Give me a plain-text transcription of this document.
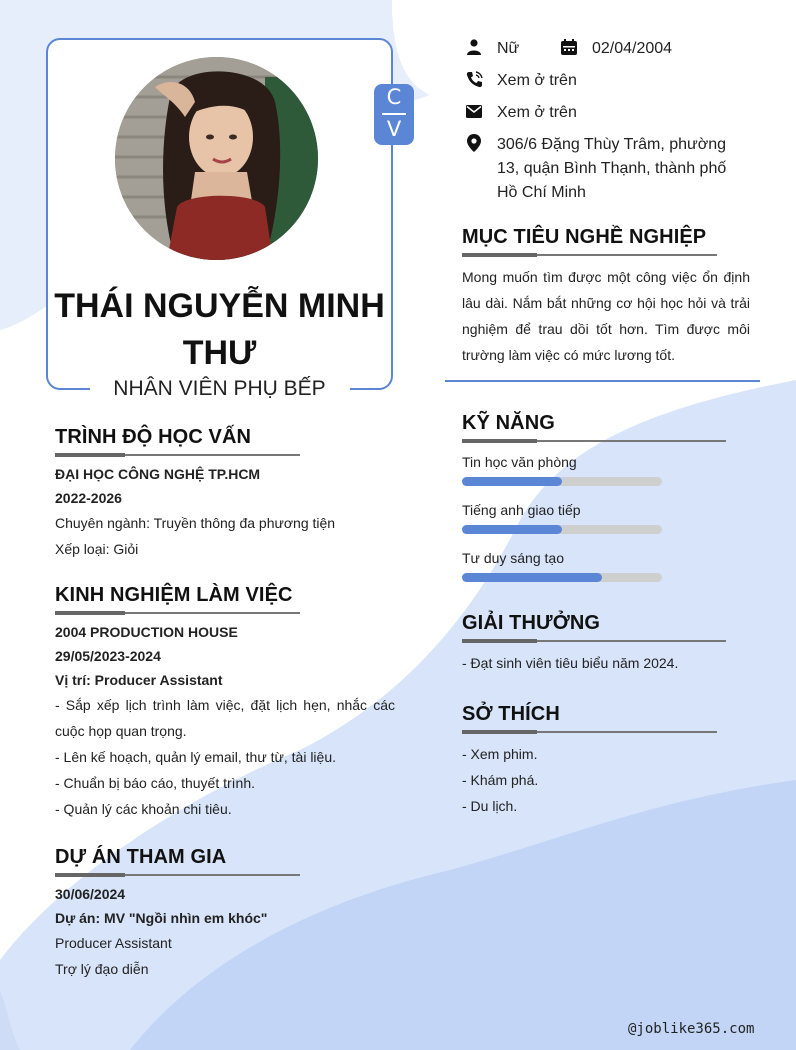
C
V
THÁI NGUYỄN MINH THƯ
NHÂN VIÊN PHỤ BẾP
Nữ	02/04/2004
Xem ở trên
Xem ở trên
306/6 Đặng Thùy Trâm, phường 13, quận Bình Thạnh, thành phố Hồ Chí Minh
MỤC TIÊU NGHỀ NGHIỆP
Mong muốn tìm được một công việc ổn định lâu dài. Nắm bắt những cơ hội học hỏi và trải nghiệm để trau dồi tốt hơn. Tìm được môi trường làm việc có mức lương tốt.
TRÌNH ĐỘ HỌC VẤN
ĐẠI HỌC CÔNG NGHỆ TP.HCM
2022-2026
Chuyên ngành: Truyền thông đa phương tiện
Xếp loại: Giỏi
KINH NGHIỆM LÀM VIỆC
2004 PRODUCTION HOUSE
29/05/2023-2024
Vị trí: Producer Assistant
- Sắp xếp lịch trình làm việc, đặt lịch hẹn, nhắc các cuộc họp quan trọng.
- Lên kế hoạch, quản lý email, thư từ, tài liệu.
- Chuẩn bị báo cáo, thuyết trình.
- Quản lý các khoản chi tiêu.
DỰ ÁN THAM GIA
30/06/2024
Dự án: MV "Ngồi nhìn em khóc"
Producer Assistant
Trợ lý đạo diễn
KỸ NĂNG
Tin học văn phòng
Tiếng anh giao tiếp
Tư duy sáng tạo
GIẢI THƯỞNG
- Đạt sinh viên tiêu biểu năm 2024.
SỞ THÍCH
- Xem phim.
- Khám phá.
- Du lịch.
@joblike365.com
